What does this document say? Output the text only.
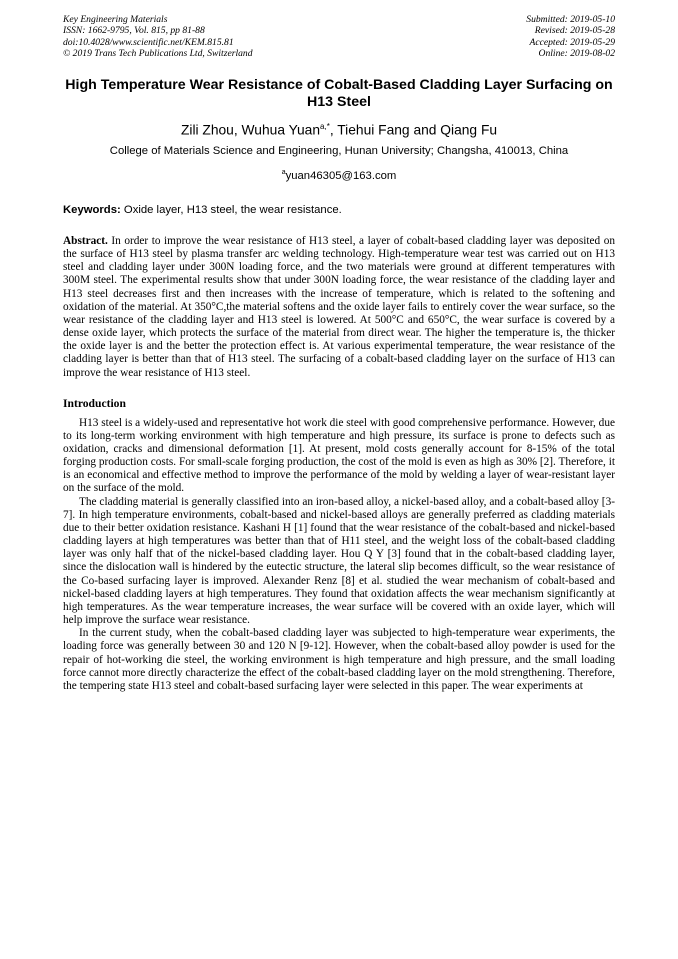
Key Engineering Materials
ISSN: 1662-9795, Vol. 815, pp 81-88
doi:10.4028/www.scientific.net/KEM.815.81
© 2019 Trans Tech Publications Ltd, Switzerland
Submitted: 2019-05-10
Revised: 2019-05-28
Accepted: 2019-05-29
Online: 2019-08-02
High Temperature Wear Resistance of Cobalt-Based Cladding Layer Surfacing on H13 Steel
Zili Zhou, Wuhua Yuan$^{a,*}$, Tiehui Fang and Qiang Fu
College of Materials Science and Engineering, Hunan University; Changsha, 410013, China
$^a$yuan46305@163.com
Keywords: Oxide layer, H13 steel, the wear resistance.
Abstract. In order to improve the wear resistance of H13 steel, a layer of cobalt-based cladding layer was deposited on the surface of H13 steel by plasma transfer arc welding technology. High-temperature wear test was carried out on H13 steel and cladding layer under 300N loading force, and the two materials were ground at different temperatures with 300M steel. The experimental results show that under 300N loading force, the wear resistance of the cladding layer and H13 steel decreases first and then increases with the increase of temperature, which is related to the softening and oxidation of the material. At 350°C,the material softens and the oxide layer fails to entirely cover the wear surface, so the wear resistance of the cladding layer and H13 steel is lowered. At 500°C and 650°C, the wear surface is covered by a dense oxide layer, which protects the surface of the material from direct wear. The higher the temperature is, the thicker the oxide layer is and the better the protection effect is. At various experimental temperature, the wear resistance of the cladding layer is better than that of H13 steel. The surfacing of a cobalt-based cladding layer on the surface of H13 can improve the wear resistance of H13 steel.
Introduction
H13 steel is a widely-used and representative hot work die steel with good comprehensive performance. However, due to its long-term working environment with high temperature and high pressure, its surface is prone to defects such as oxidation, cracks and dimensional deformation [1]. At present, mold costs generally account for 8-15% of the total forging production costs. For small-scale forging production, the cost of the mold is even as high as 30% [2]. Therefore, it is an economical and effective method to improve the performance of the mold by welding a layer of wear-resistant layer on the surface of the mold.
The cladding material is generally classified into an iron-based alloy, a nickel-based alloy, and a cobalt-based alloy [3-7]. In high temperature environments, cobalt-based and nickel-based alloys are generally preferred as cladding materials due to their better oxidation resistance. Kashani H [1] found that the wear resistance of the cobalt-based and nickel-based cladding layers at high temperatures was better than that of H11 steel, and the weight loss of the cobalt-based cladding layer was only half that of the nickel-based cladding layer. Hou Q Y [3] found that in the cobalt-based cladding layer, since the dislocation wall is hindered by the eutectic structure, the lateral slip becomes difficult, so the wear resistance of the Co-based surfacing layer is improved. Alexander Renz [8] et al. studied the wear mechanism of cobalt-based and nickel-based cladding layers at high temperatures. They found that oxidation affects the wear mechanism significantly at high temperatures. As the wear temperature increases, the wear surface will be covered with an oxide layer, which will help improve the surface wear resistance.
In the current study, when the cobalt-based cladding layer was subjected to high-temperature wear experiments, the loading force was generally between 30 and 120 N [9-12]. However, when the cobalt-based alloy powder is used for the repair of hot-working die steel, the working environment is high temperature and high pressure, and the small loading force cannot more directly characterize the effect of the cobalt-based cladding layer on the mold strengthening. Therefore, the tempering state H13 steel and cobalt-based surfacing layer were selected in this paper. The wear experiments at
